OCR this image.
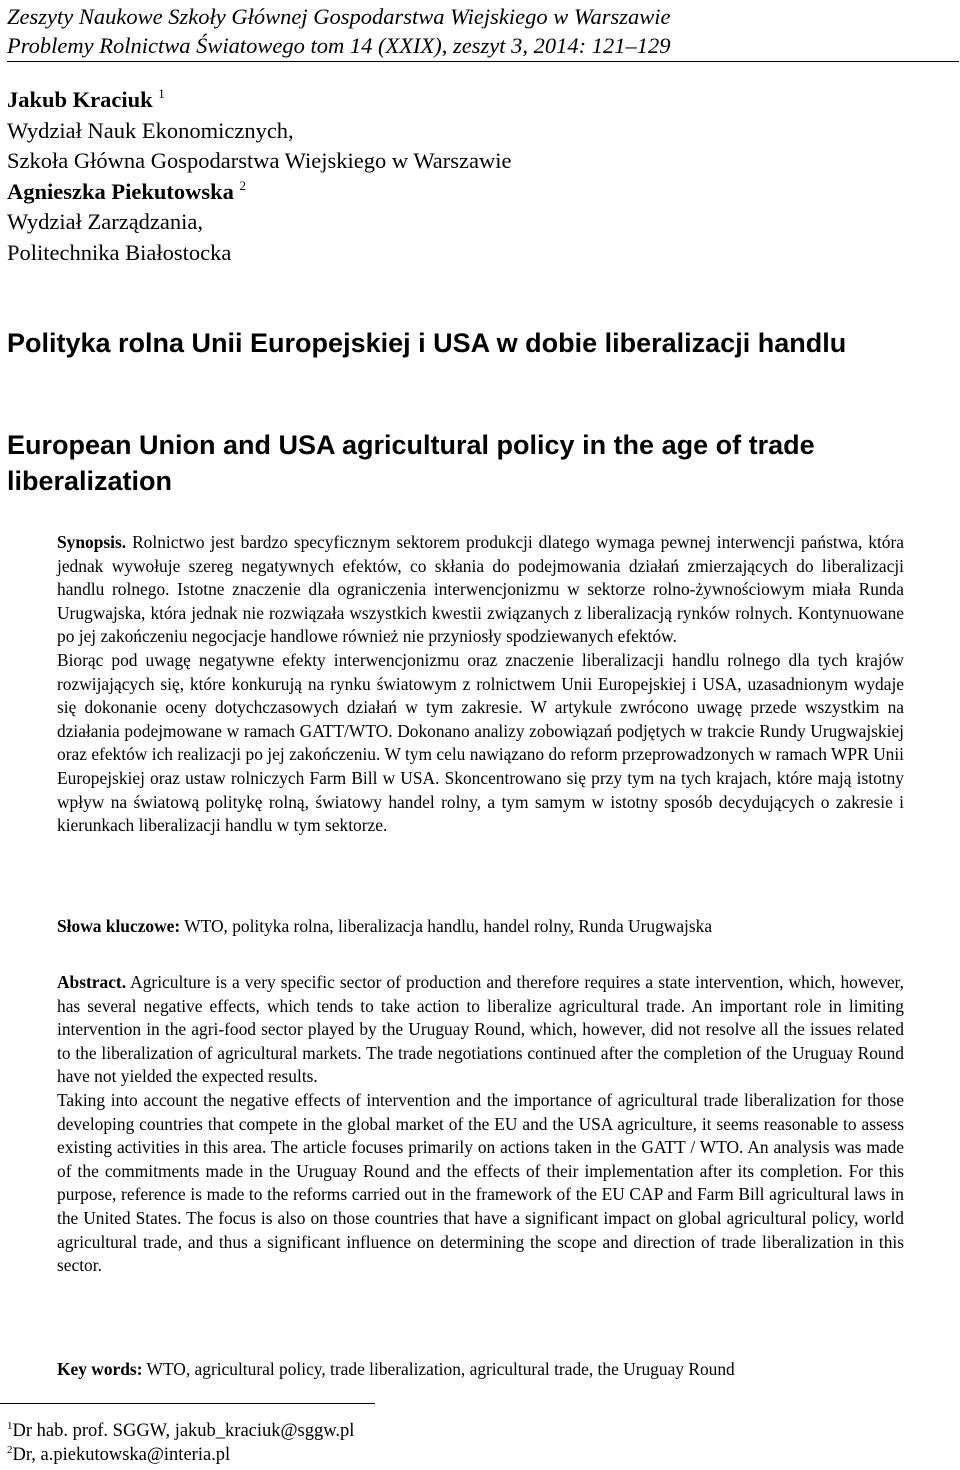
Zeszyty Naukowe Szkoły Głównej Gospodarstwa Wiejskiego w Warszawie
Problemy Rolnictwa Światowego tom 14 (XXIX), zeszyt 3, 2014: 121–129
Jakub Kraciuk $^1$
Wydział Nauk Ekonomicznych,
Szkoła Główna Gospodarstwa Wiejskiego w Warszawie
Agnieszka Piekutowska $^2$
Wydział Zarządzania,
Politechnika Białostocka
Polityka rolna Unii Europejskiej i USA w dobie liberalizacji handlu
European Union and USA agricultural policy in the age of trade liberalization

Synopsis. Rolnictwo jest bardzo specyficznym sektorem produkcji dlatego wymaga pewnej interwencji państwa, która jednak wywołuje szereg negatywnych efektów, co skłania do podejmowania działań zmierzających do liberalizacji handlu rolnego. Istotne znaczenie dla ograniczenia interwencjonizmu w sektorze rolno-żywnościowym miała Runda Urugwajska, która jednak nie rozwiązała wszystkich kwestii związanych z liberalizacją rynków rolnych. Kontynuowane po jej zakończeniu negocjacje handlowe również nie przyniosły spodziewanych efektów.

Biorąc pod uwagę negatywne efekty interwencjonizmu oraz znaczenie liberalizacji handlu rolnego dla tych krajów rozwijających się, które konkurują na rynku światowym z rolnictwem Unii Europejskiej i USA, uzasadnionym wydaje się dokonanie oceny dotychczasowych działań w tym zakresie. W artykule zwrócono uwagę przede wszystkim na działania podejmowane w ramach GATT/WTO. Dokonano analizy zobowiązań podjętych w trakcie Rundy Urugwajskiej oraz efektów ich realizacji po jej zakończeniu. W tym celu nawiązano do reform przeprowadzonych w ramach WPR Unii Europejskiej oraz ustaw rolniczych Farm Bill w USA. Skoncentrowano się przy tym na tych krajach, które mają istotny wpływ na światową politykę rolną, światowy handel rolny, a tym samym w istotny sposób decydujących o zakresie i kierunkach liberalizacji handlu w tym sektorze.

Słowa kluczowe: WTO, polityka rolna, liberalizacja handlu, handel rolny, Runda Urugwajska

Abstract. Agriculture is a very specific sector of production and therefore requires a state intervention, which, however, has several negative effects, which tends to take action to liberalize agricultural trade. An important role in limiting intervention in the agri-food sector played by the Uruguay Round, which, however, did not resolve all the issues related to the liberalization of agricultural markets. The trade negotiations continued after the completion of the Uruguay Round have not yielded the expected results.

Taking into account the negative effects of intervention and the importance of agricultural trade liberalization for those developing countries that compete in the global market of the EU and the USA agriculture, it seems reasonable to assess existing activities in this area. The article focuses primarily on actions taken in the GATT / WTO. An analysis was made of the commitments made in the Uruguay Round and the effects of their implementation after its completion. For this purpose, reference is made to the reforms carried out in the framework of the EU CAP and Farm Bill agricultural laws in the United States. The focus is also on those countries that have a significant impact on global agricultural policy, world agricultural trade, and thus a significant influence on determining the scope and direction of trade liberalization in this sector.

Key words: WTO, agricultural policy, trade liberalization, agricultural trade, the Uruguay Round

$^1$Dr hab. prof. SGGW, jakub_kraciuk@sggw.pl
$^2$Dr, a.piekutowska@interia.pl
